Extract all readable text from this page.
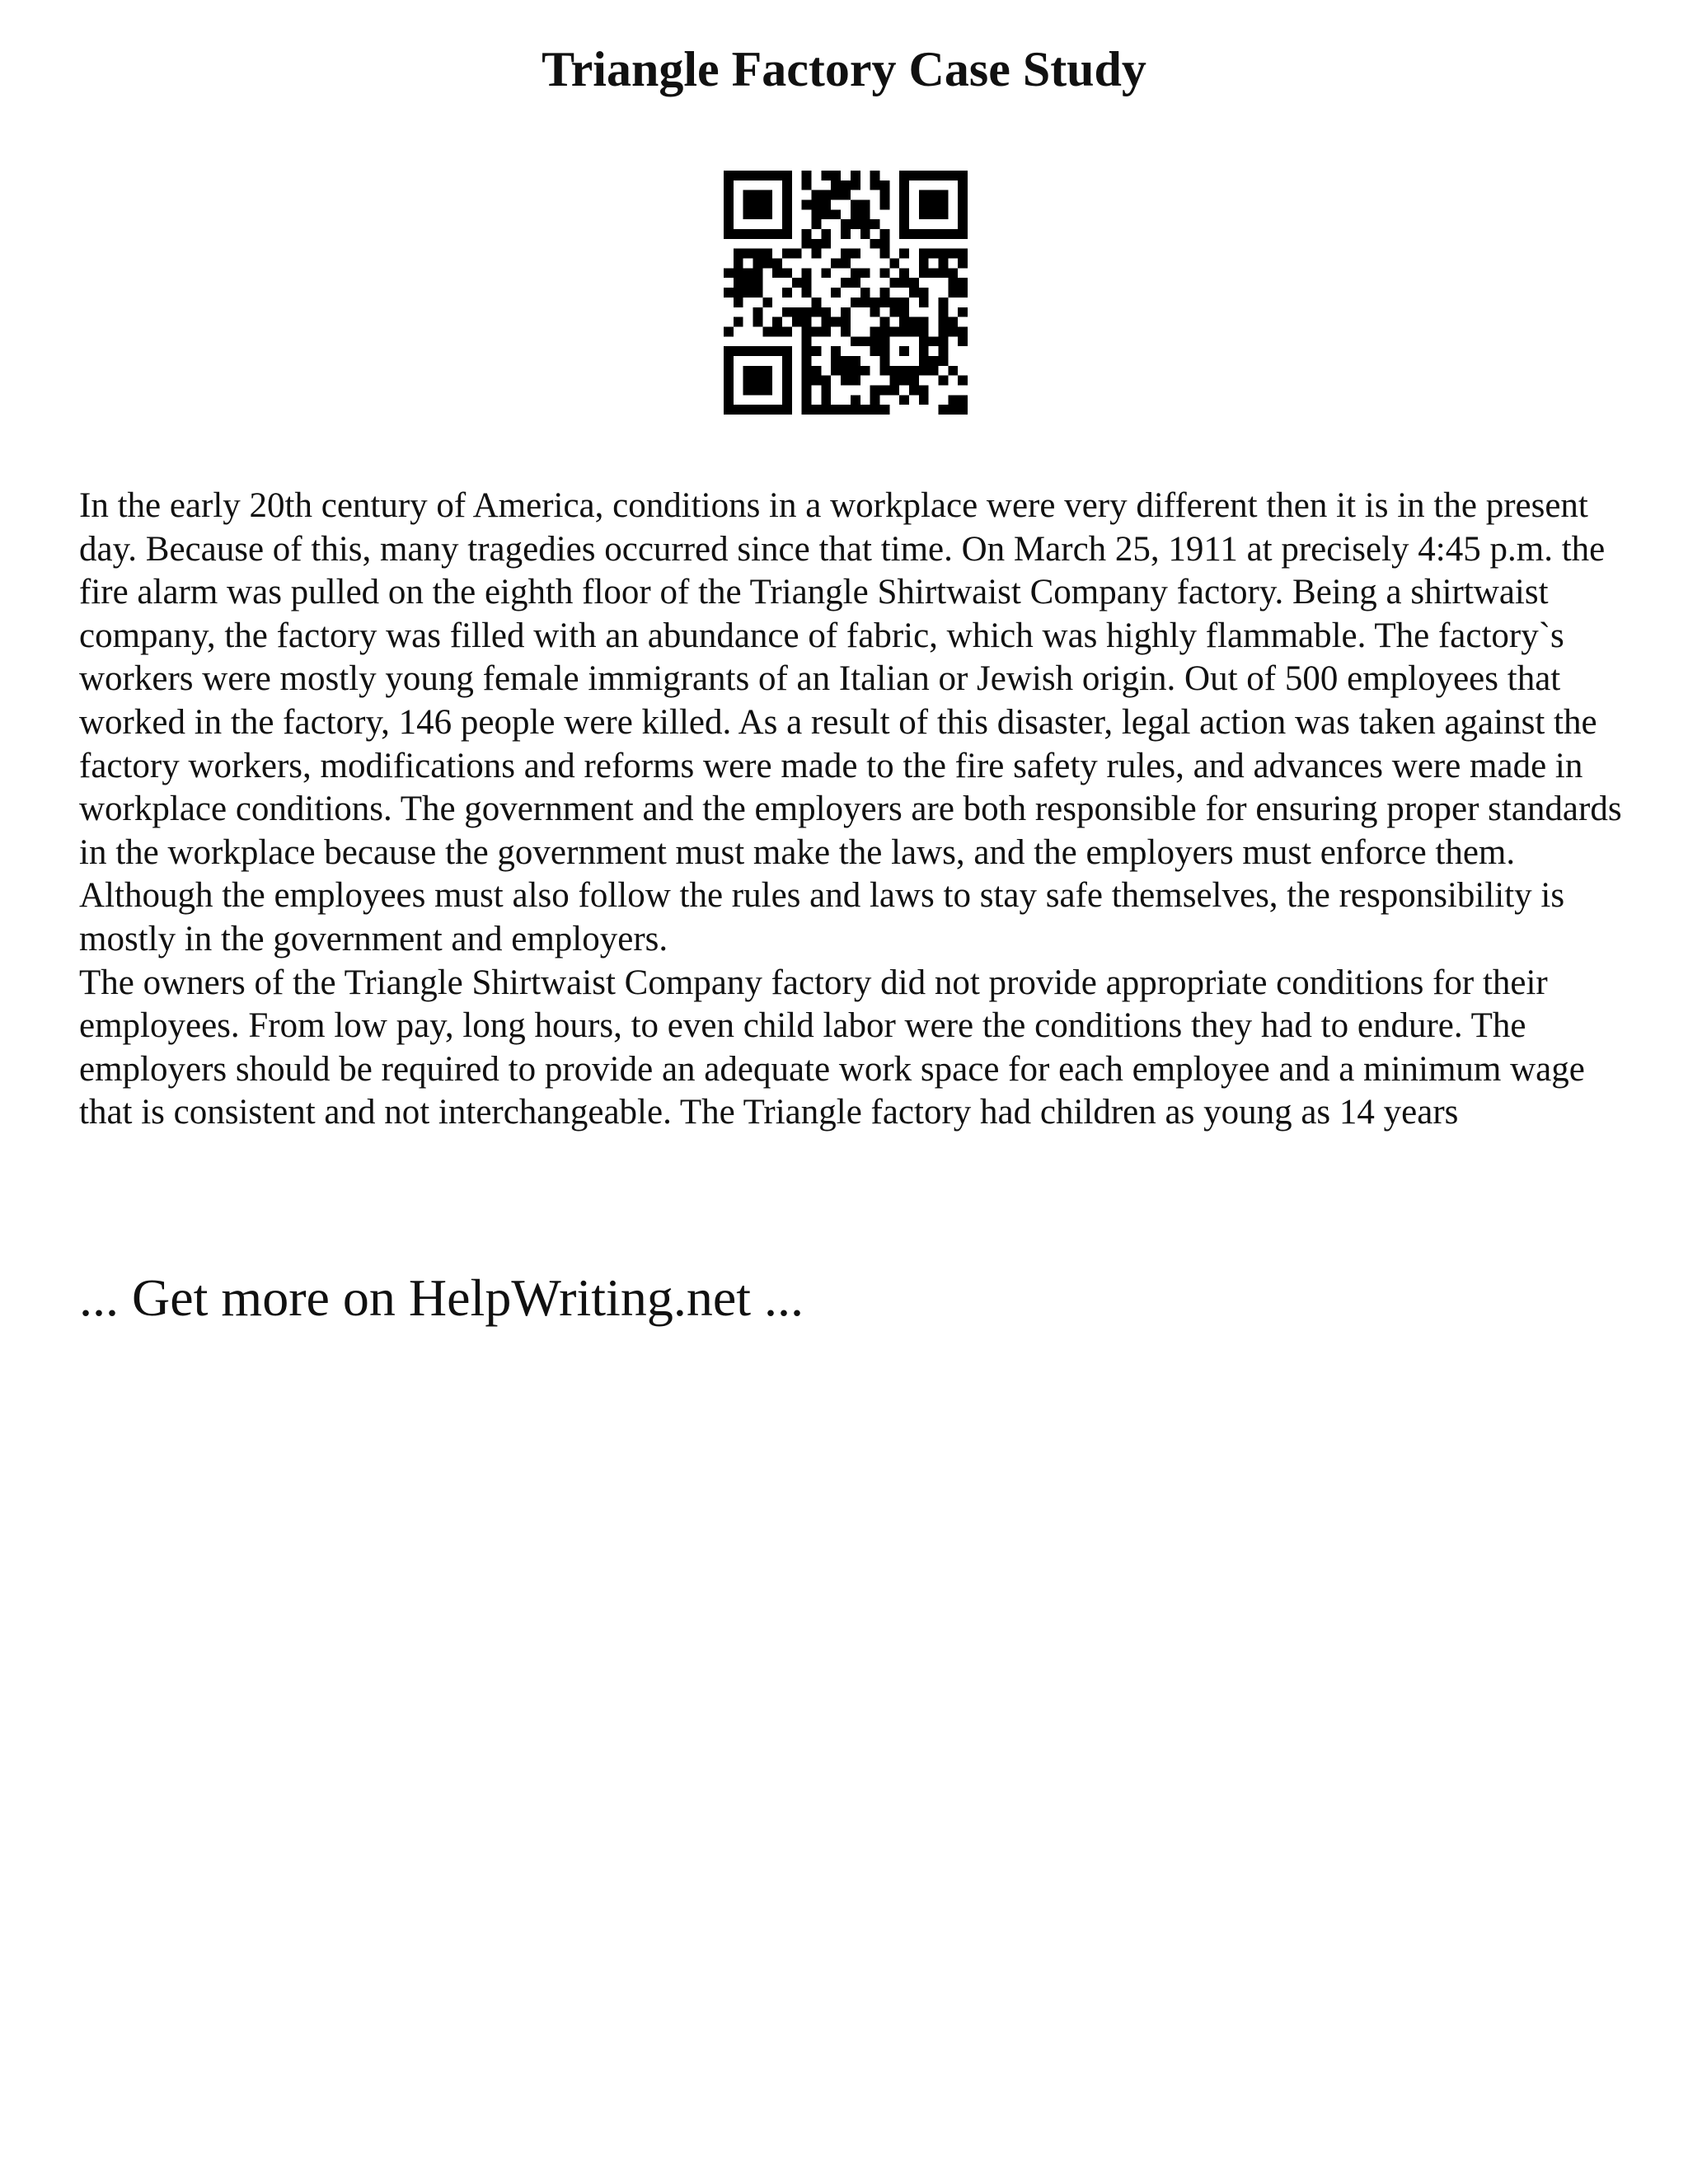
Triangle Factory Case Study

In the early 20th century of America, conditions in a workplace were very different then it is in the present day. Because of this, many tragedies occurred since that time. On March 25, 1911 at precisely 4:45 p.m. the fire alarm was pulled on the eighth floor of the Triangle Shirtwaist Company factory. Being a shirtwaist company, the factory was filled with an abundance of fabric, which was highly flammable. The factory`s workers were mostly young female immigrants of an Italian or Jewish origin. Out of 500 employees that worked in the factory, 146 people were killed. As a result of this disaster, legal action was taken against the factory workers, modifications and reforms were made to the fire safety rules, and advances were made in workplace conditions. The government and the employers are both responsible for ensuring proper standards in the workplace because the government must make the laws, and the employers must enforce them. Although the employees must also follow the rules and laws to stay safe themselves, the responsibility is mostly in the government and employers.

The owners of the Triangle Shirtwaist Company factory did not provide appropriate conditions for their employees. From low pay, long hours, to even child labor were the conditions they had to endure. The employers should be required to provide an adequate work space for each employee and a minimum wage that is consistent and not interchangeable. The Triangle factory had children as young as 14 years

... Get more on HelpWriting.net ...
